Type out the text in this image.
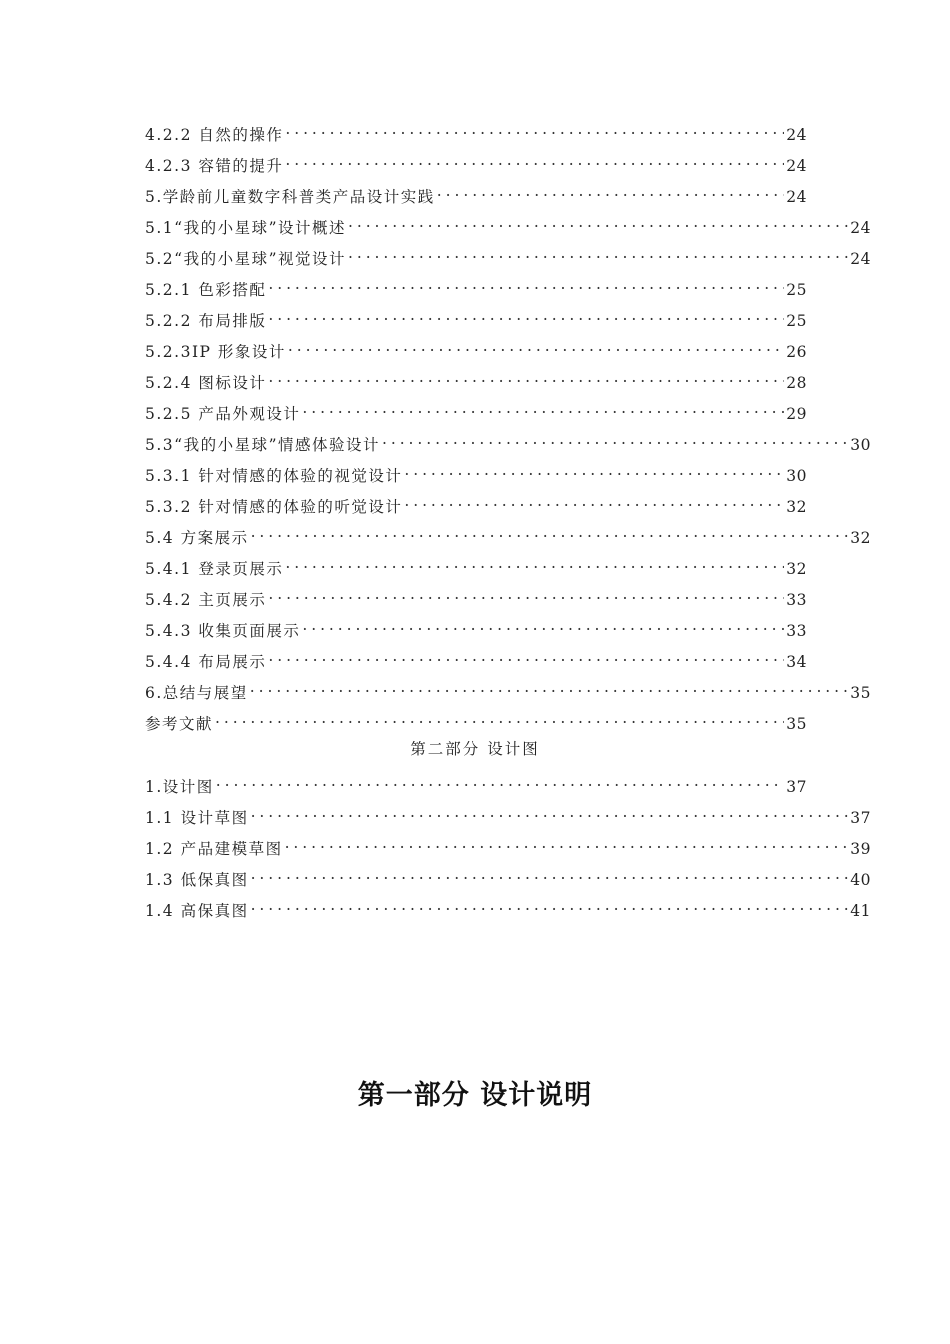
4.2.2 自然的操作 . . .	24
4.2.3 容错的提升 . . .	24
5.学龄前儿童数字科普类产品设计实践 . . .	24
5.1“我的小星球”设计概述 . . .	24
5.2“我的小星球”视觉设计 . . .	24
5.2.1 色彩搭配 . . .	25
5.2.2 布局排版 . . .	25
5.2.3IP 形象设计 . . .	26
5.2.4 图标设计 . . .	28
5.2.5 产品外观设计 . . .	29
5.3“我的小星球”情感体验设计 . . .	30
5.3.1 针对情感的体验的视觉设计 . . .	30
5.3.2 针对情感的体验的听觉设计 . . .	32
5.4 方案展示 . . .	32
5.4.1 登录页展示 . . .	32
5.4.2 主页展示 . . .	33
5.4.3 收集页面展示 . . .	33
5.4.4 布局展示 . . .	34
6.总结与展望 . . .	35
参考文献 . . .	35
第二部分 设计图
1.设计图 . . .	37
1.1 设计草图 . . .	37
1.2 产品建模草图 . . .	39
1.3 低保真图 . . .	40
1.4 高保真图 . . .	41
第一部分 设计说明
